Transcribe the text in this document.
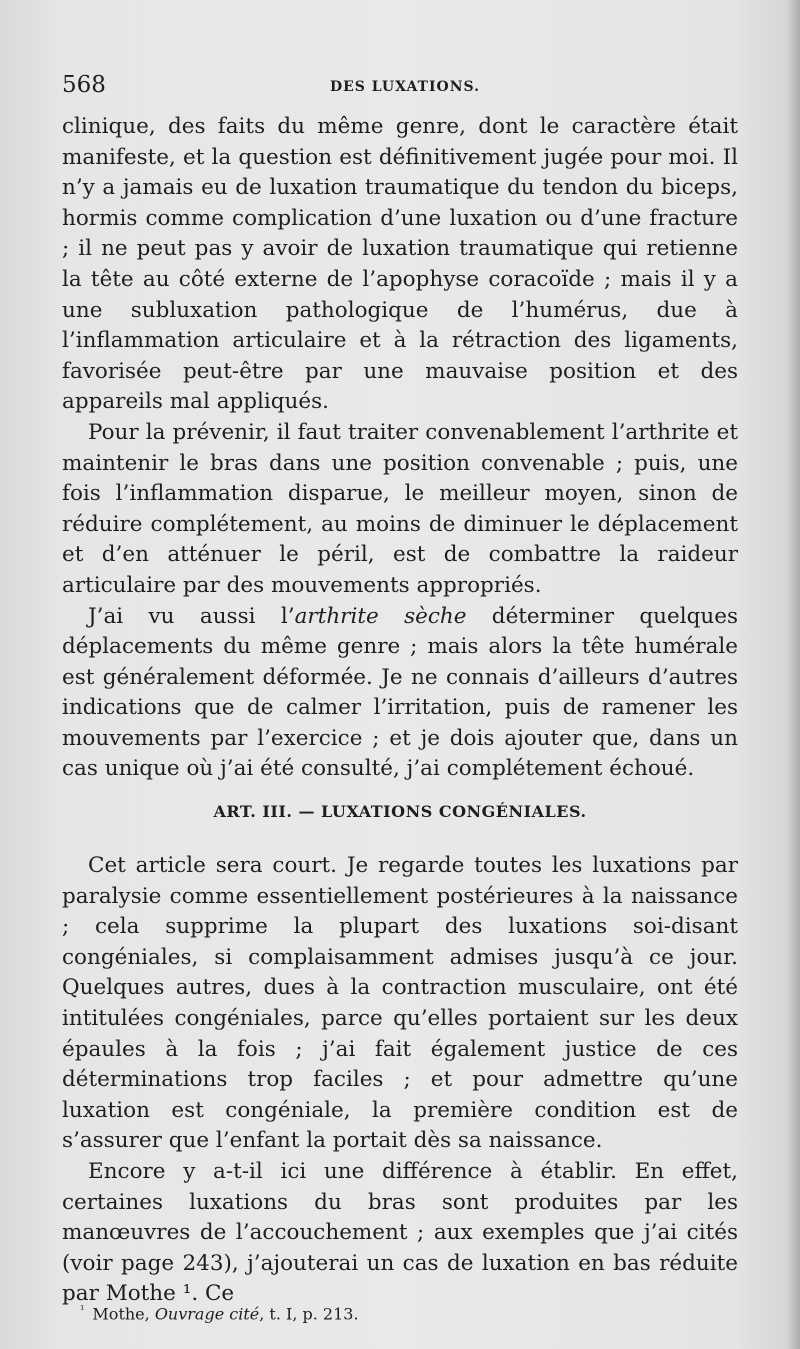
568	DES LUXATIONS.

clinique, des faits du même genre, dont le caractère était manifeste, et la question est définitivement jugée pour moi. Il n’y a jamais eu de luxation traumatique du tendon du biceps, hormis comme complication d’une luxation ou d’une fracture ; il ne peut pas y avoir de luxation traumatique qui retienne la tête au côté externe de l’apophyse coracoïde ; mais il y a une subluxation pathologique de l’humérus, due à l’inflammation articulaire et à la rétraction des ligaments, favorisée peut-être par une mauvaise position et des appareils mal appliqués.

Pour la prévenir, il faut traiter convenablement l’arthrite et maintenir le bras dans une position convenable ; puis, une fois l’inflammation disparue, le meilleur moyen, sinon de réduire complétement, au moins de diminuer le déplacement et d’en atténuer le péril, est de combattre la raideur articulaire par des mouvements appropriés.

J’ai vu aussi l’arthrite sèche déterminer quelques déplacements du même genre ; mais alors la tête humérale est généralement déformée. Je ne connais d’ailleurs d’autres indications que de calmer l’irritation, puis de ramener les mouvements par l’exercice ; et je dois ajouter que, dans un cas unique où j’ai été consulté, j’ai complétement échoué.

ART. III. — LUXATIONS CONGÉNIALES.

Cet article sera court. Je regarde toutes les luxations par paralysie comme essentiellement postérieures à la naissance ; cela supprime la plupart des luxations soi-disant congéniales, si complaisamment admises jusqu’à ce jour. Quelques autres, dues à la contraction musculaire, ont été intitulées congéniales, parce qu’elles portaient sur les deux épaules à la fois ; j’ai fait également justice de ces déterminations trop faciles ; et pour admettre qu’une luxation est congéniale, la première condition est de s’assurer que l’enfant la portait dès sa naissance.

Encore y a-t-il ici une différence à établir. En effet, certaines luxations du bras sont produites par les manœuvres de l’accouchement ; aux exemples que j’ai cités (voir page 243), j’ajouterai un cas de luxation en bas réduite par Mothe ¹. Ce

$^{^1}$ Mothe, Ouvrage cité, t. I, p. 213.
